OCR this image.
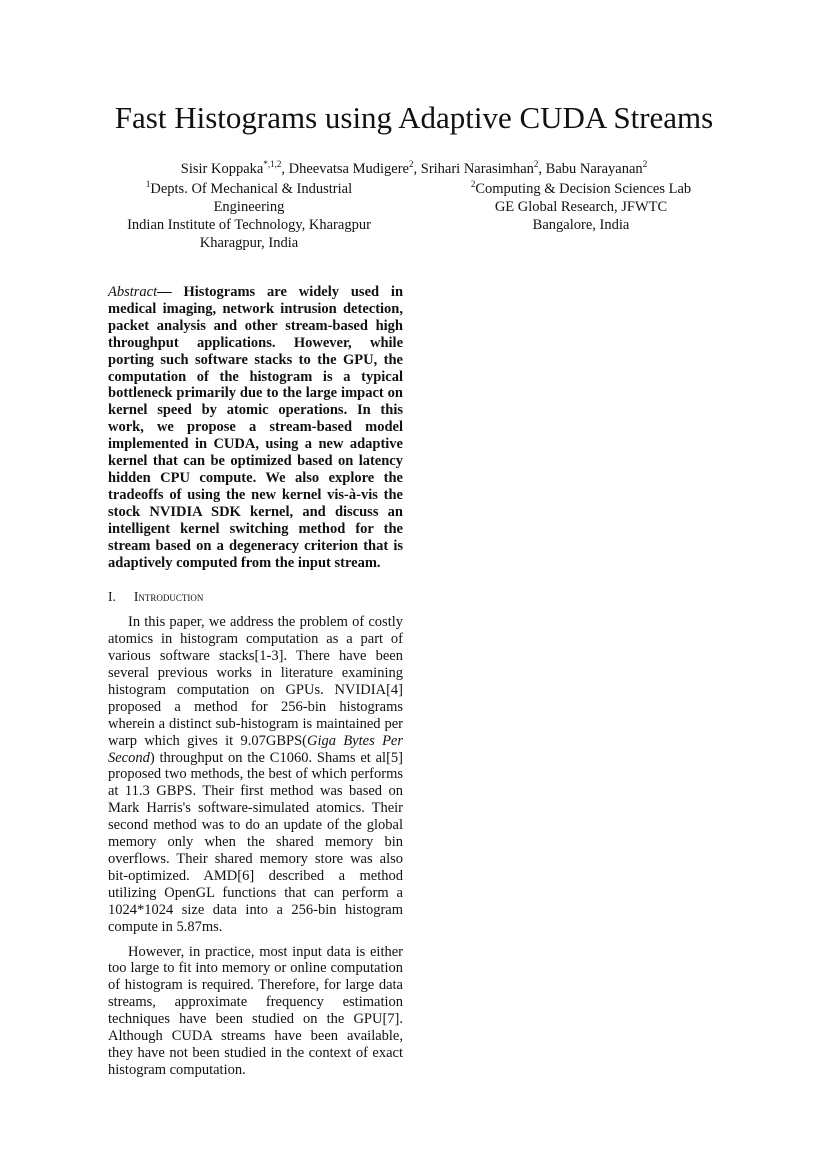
Fast Histograms using Adaptive CUDA Streams
Sisir Koppaka$^{*,1,2}$, Dheevatsa Mudigere$^2$, Srihari Narasimhan$^2$, Babu Narayanan$^2$
$^1$Depts. Of Mechanical & Industrial
Engineering
Indian Institute of Technology, Kharagpur
Kharagpur, India
$^2$Computing & Decision Sciences Lab
GE Global Research, JFWTC
Bangalore, India

Abstract— Histograms are widely used in medical imaging, network intrusion detection, packet analysis and other stream-based high throughput applications. However, while porting such software stacks to the GPU, the computation of the histogram is a typical bottleneck primarily due to the large impact on kernel speed by atomic operations. In this work, we propose a stream-based model implemented in CUDA, using a new adaptive kernel that can be optimized based on latency hidden CPU compute. We also explore the tradeoffs of using the new kernel vis-à-vis the stock NVIDIA SDK kernel, and discuss an intelligent kernel switching method for the stream based on a degeneracy criterion that is adaptively computed from the input stream.

I. Introduction

In this paper, we address the problem of costly atomics in histogram computation as a part of various software stacks[1-3]. There have been several previous works in literature examining histogram computation on GPUs. NVIDIA[4] proposed a method for 256-bin histograms wherein a distinct sub-histogram is maintained per warp which gives it 9.07GBPS(Giga Bytes Per Second) throughput on the C1060. Shams et al[5] proposed two methods, the best of which performs at 11.3 GBPS. Their first method was based on Mark Harris's software-simulated atomics. Their second method was to do an update of the global memory only when the shared memory bin overflows. Their shared memory store was also bit-optimized. AMD[6] described a method utilizing OpenGL functions that can perform a 1024*1024 size data into a 256-bin histogram compute in 5.87ms.

However, in practice, most input data is either too large to fit into memory or online computation of histogram is required. Therefore, for large data streams, approximate frequency estimation techniques have been studied on the GPU[7]. Although CUDA streams have been available, they have not been studied in the context of exact histogram computation.
